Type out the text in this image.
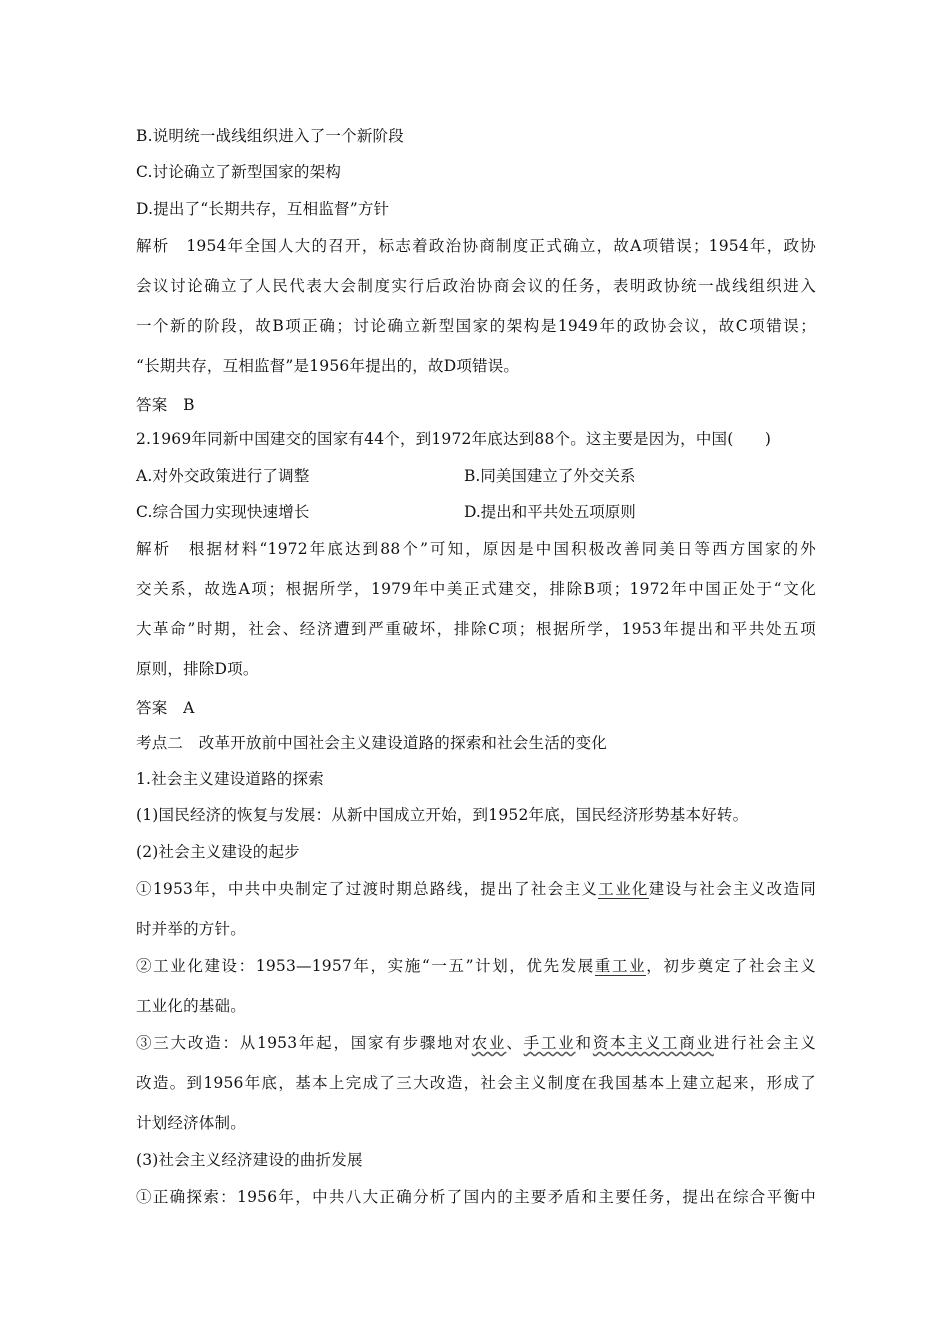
B.说明统一战线组织进入了一个新阶段
C.讨论确立了新型国家的架构
D.提出了“长期共存，互相监督”方针
解析　1954年全国人大的召开，标志着政治协商制度正式确立，故A项错误；1954年，政协
会议讨论确立了人民代表大会制度实行后政治协商会议的任务，表明政协统一战线组织进入
一个新的阶段，故B项正确；讨论确立新型国家的架构是1949年的政协会议，故C项错误；
“长期共存，互相监督”是1956年提出的，故D项错误。
答案　B
2.1969年同新中国建交的国家有44个，到1972年底达到88个。这主要是因为，中国(　　)
A.对外交政策进行了调整	B.同美国建立了外交关系
C.综合国力实现快速增长	D.提出和平共处五项原则
解析　根据材料“1972年底达到88个”可知，原因是中国积极改善同美日等西方国家的外
交关系，故选A项；根据所学，1979年中美正式建交，排除B项；1972年中国正处于“文化
大革命”时期，社会、经济遭到严重破坏，排除C项；根据所学，1953年提出和平共处五项
原则，排除D项。
答案　A
考点二　改革开放前中国社会主义建设道路的探索和社会生活的变化
1.社会主义建设道路的探索
(1)国民经济的恢复与发展：从新中国成立开始，到1952年底，国民经济形势基本好转。
(2)社会主义建设的起步
①1953年，中共中央制定了过渡时期总路线，提出了社会主义工业化建设与社会主义改造同
时并举的方针。
②工业化建设：1953—1957年，实施“一五”计划，优先发展重工业，初步奠定了社会主义
工业化的基础。
③三大改造：从1953年起，国家有步骤地对农业、手工业和资本主义工商业进行社会主义
改造。到1956年底，基本上完成了三大改造，社会主义制度在我国基本上建立起来，形成了
计划经济体制。
(3)社会主义经济建设的曲折发展
①正确探索：1956年，中共八大正确分析了国内的主要矛盾和主要任务，提出在综合平衡中
